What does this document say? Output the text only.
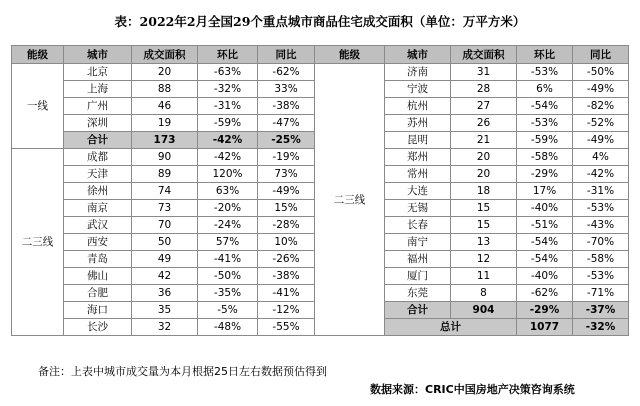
表：2022年2月全国29个重点城市商品住宅成交面积（单位：万平方米）
能级	城市	成交面积	环比	同比	能级	城市	成交面积	环比	同比	
一线	北京	20	-63%	-62%	二三线	济南	31	-53%	-50%	
	上海	88	-32%	33%		宁波	28	6%	-49%	
	广州	46	-31%	-38%		杭州	27	-54%	-82%	
	深圳	19	-59%	-47%		苏州	26	-53%	-52%	
	合计	173	-42%	-25%		昆明	21	-59%	-49%	
二三线	成都	90	-42%	-19%		郑州	20	-58%	4%	
	天津	89	120%	73%		常州	20	-29%	-42%	
	徐州	74	63%	-49%		大连	18	17%	-31%	
	南京	73	-20%	15%		无锡	15	-40%	-53%	
	武汉	70	-24%	-28%		长春	15	-51%	-43%	
	西安	50	57%	10%		南宁	13	-54%	-70%	
	青岛	49	-41%	-26%		福州	12	-54%	-58%	
	佛山	42	-50%	-38%		厦门	11	-40%	-53%	
	合肥	36	-35%	-41%		东莞	8	-62%	-71%	
	海口	35	-5%	-12%		合计	904	-29%	-37%	
	长沙	32	-48%	-55%		总计		1077	-32%	
备注：上表中城市成交量为本月根据25日左右数据预估得到
数据来源：CRIC中国房地产决策咨询系统
